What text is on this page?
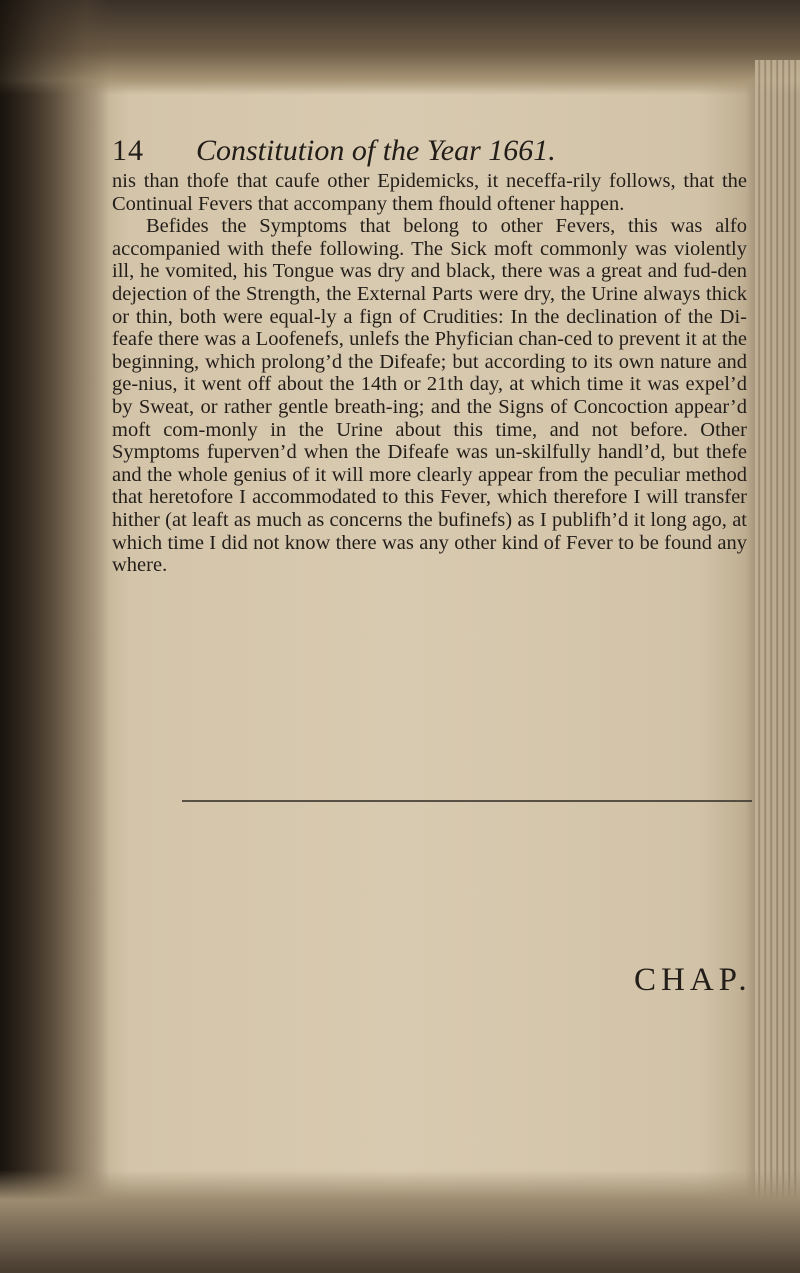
14 Constitution of the Year 1661.

nis than thofe that caufe other Epidemicks, it neceffa-rily follows, that the Continual Fevers that accompany them fhould oftener happen.

Befides the Symptoms that belong to other Fevers, this was alfo accompanied with thefe following. The Sick moft commonly was violently ill, he vomited, his Tongue was dry and black, there was a great and fud-den dejection of the Strength, the External Parts were dry, the Urine always thick or thin, both were equal-ly a fign of Crudities: In the declination of the Di-feafe there was a Loofenefs, unlefs the Phyfician chan-ced to prevent it at the beginning, which prolong’d the Difeafe; but according to its own nature and ge-nius, it went off about the 14th or 21th day, at which time it was expel’d by Sweat, or rather gentle breath-ing; and the Signs of Concoction appear’d moft com-monly in the Urine about this time, and not before. Other Symptoms fuperven’d when the Difeafe was un-skilfully handl’d, but thefe and the whole genius of it will more clearly appear from the peculiar method that heretofore I accommodated to this Fever, which therefore I will transfer hither (at leaft as much as concerns the bufinefs) as I publifh’d it long ago, at which time I did not know there was any other kind of Fever to be found any where.

CHAP.
